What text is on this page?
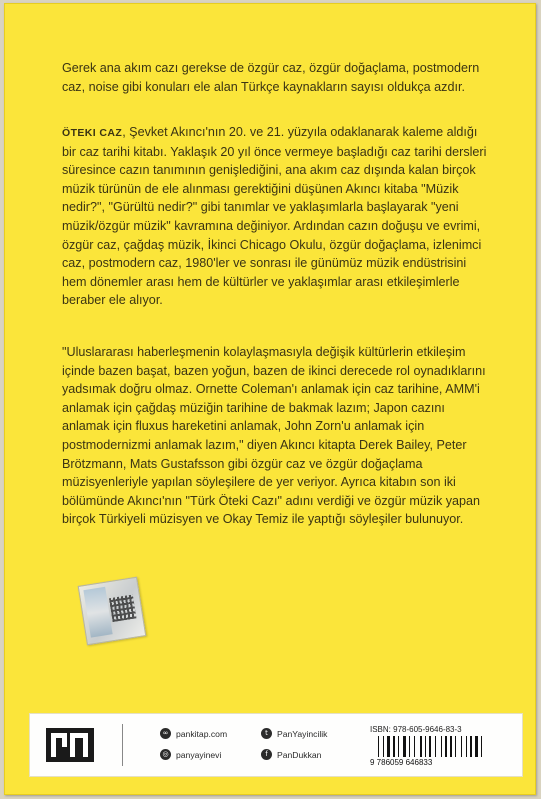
Gerek ana akım cazı gerekse de özgür caz, özgür doğaçlama, postmodern caz, noise gibi konuları ele alan Türkçe kaynakların sayısı oldukça azdır.

ÖTEKI CAZ, Şevket Akıncı'nın 20. ve 21. yüzyıla odaklanarak kaleme aldığı bir caz tarihi kitabı. Yaklaşık 20 yıl önce vermeye başladığı caz tarihi dersleri süresince cazın tanımının genişlediğini, ana akım caz dışında kalan birçok müzik türünün de ele alınması gerektiğini düşünen Akıncı kitaba "Müzik nedir?", "Gürültü nedir?" gibi tanımlar ve yaklaşımlarla başlayarak "yeni müzik/özgür müzik" kavramına değiniyor. Ardından cazın doğuşu ve evrimi, özgür caz, çağdaş müzik, İkinci Chicago Okulu, özgür doğaçlama, izlenimci caz, postmodern caz, 1980'ler ve sonrası ile günümüz müzik endüstrisini hem dönemler arası hem de kültürler ve yaklaşımlar arası etkileşimlerle beraber ele alıyor.

"Uluslararası haberleşmenin kolaylaşmasıyla değişik kültürlerin etkileşim içinde bazen başat, bazen yoğun, bazen de ikinci derecede rol oynadıklarını yadsımak doğru olmaz. Ornette Coleman'ı anlamak için caz tarihine, AMM'i anlamak için çağdaş müziğin tarihine de bakmak lazım; Japon cazını anlamak için fluxus hareketini anlamak, John Zorn'u anlamak için postmodernizmi anlamak lazım," diyen Akıncı kitapta Derek Bailey, Peter Brötzmann, Mats Gustafsson gibi özgür caz ve özgür doğaçlama müzisyenleriyle yapılan söyleşilere de yer veriyor. Ayrıca kitabın son iki bölümünde Akıncı'nın "Türk Öteki Cazı" adını verdiği ve özgür müzik yapan birçok Türkiyeli müzisyen ve Okay Temiz ile yaptığı söyleşiler bulunuyor.

∞ pankitap.com	t	PanYayincilik
◎ panyayinevi	f	PanDukkan
ISBN: 978-605-9646-83-3
9 786059 646833
